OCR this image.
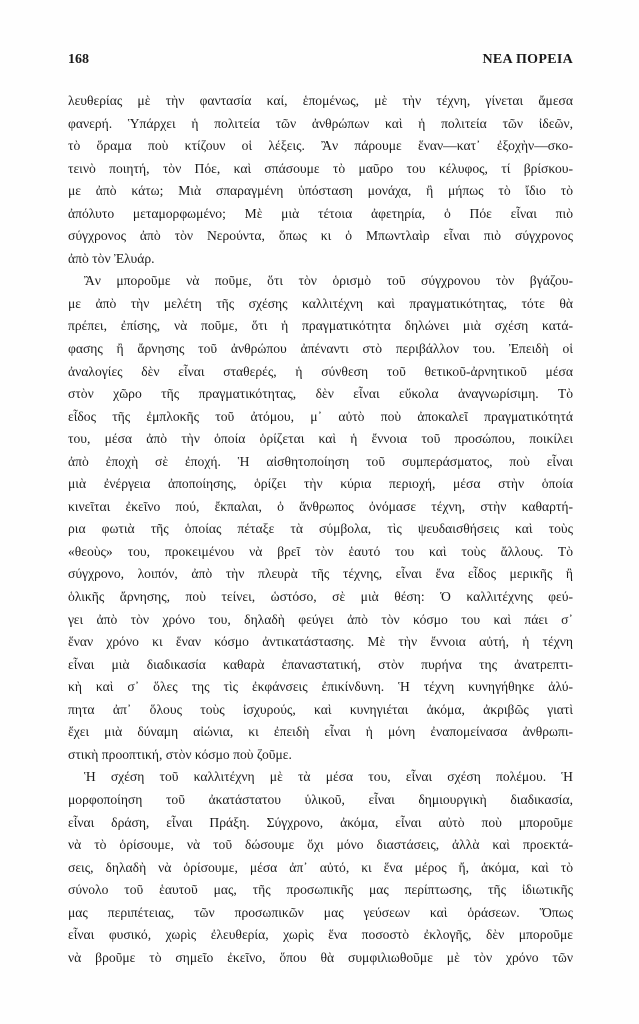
168	ΝΕΑ ΠΟΡΕΙΑ
λευθερίας μὲ τὴν φαντασία καί, ἑπομένως, μὲ τὴν τέχνη, γίνεται ἄμεσα
φανερή. Ὑπάρχει ἡ πολιτεία τῶν ἀνθρώπων καὶ ἡ πολιτεία τῶν ἰδεῶν,
τὸ ὅραμα ποὺ κτίζουν οἱ λέξεις. Ἂν πάρουμε ἕναν—κατ᾽ ἐξοχὴν—σκο-
τεινὸ ποιητή, τὸν Πόε, καὶ σπάσουμε τὸ μαῦρο του κέλυφος, τί βρίσκου-
με ἀπὸ κάτω; Μιὰ σπαραγμένη ὑπόσταση μονάχα, ἢ μήπως τὸ ἴδιο τὸ
ἀπόλυτο μεταμορφωμένο; Μὲ μιὰ τέτοια ἀφετηρία, ὁ Πόε εἶναι πιὸ
σύγχρονος ἀπὸ τὸν Νερούντα, ὅπως κι ὁ Μπωντλαὶρ εἶναι πιὸ σύγχρονος
ἀπὸ τὸν Ἐλυάρ.
Ἂν μποροῦμε νὰ ποῦμε, ὅτι τὸν ὁρισμὸ τοῦ σύγχρονου τὸν βγάζου-
με ἀπὸ τὴν μελέτη τῆς σχέσης καλλιτέχνη καὶ πραγματικότητας, τότε θὰ
πρέπει, ἐπίσης, νὰ ποῦμε, ὅτι ἡ πραγματικότητα δηλώνει μιὰ σχέση κατά-
φασης ἢ ἄρνησης τοῦ ἀνθρώπου ἀπέναντι στὸ περιβάλλον του. Ἐπειδὴ οἱ
ἀναλογίες δὲν εἶναι σταθερές, ἡ σύνθεση τοῦ θετικοῦ-ἀρνητικοῦ μέσα
στὸν χῶρο τῆς πραγματικότητας, δὲν εἶναι εὔκολα ἀναγνωρίσιμη. Τὸ
εἶδος τῆς ἐμπλοκῆς τοῦ ἀτόμου, μ᾽ αὐτὸ ποὺ ἀποκαλεῖ πραγματικότητά
του, μέσα ἀπὸ τὴν ὁποία ὁρίζεται καὶ ἡ ἔννοια τοῦ προσώπου, ποικίλει
ἀπὸ ἐποχὴ σὲ ἐποχή. Ἡ αἰσθητοποίηση τοῦ συμπεράσματος, ποὺ εἶναι
μιὰ ἐνέργεια ἀποποίησης, ὁρίζει τὴν κύρια περιοχή, μέσα στὴν ὁποία
κινεῖται ἐκεῖνο πού, ἔκπαλαι, ὁ ἄνθρωπος ὀνόμασε τέχνη, στὴν καθαρτή-
ρια φωτιὰ τῆς ὁποίας πέταξε τὰ σύμβολα, τὶς ψευδαισθήσεις καὶ τοὺς
«θεοὺς» του, προκειμένου νὰ βρεῖ τὸν ἑαυτό του καὶ τοὺς ἄλλους. Τὸ
σύγχρονο, λοιπόν, ἀπὸ τὴν πλευρὰ τῆς τέχνης, εἶναι ἕνα εἶδος μερικῆς ἢ
ὁλικῆς ἄρνησης, ποὺ τείνει, ὡστόσο, σὲ μιὰ θέση: Ὁ καλλιτέχνης φεύ-
γει ἀπὸ τὸν χρόνο του, δηλαδὴ φεύγει ἀπὸ τὸν κόσμο του καὶ πάει σ᾽
ἕναν χρόνο κι ἕναν κόσμο ἀντικατάστασης. Μὲ τὴν ἔννοια αὐτή, ἡ τέχνη
εἶναι μιὰ διαδικασία καθαρὰ ἐπαναστατική, στὸν πυρήνα της ἀνατρεπτι-
κὴ καὶ σ᾽ ὅλες της τὶς ἐκφάνσεις ἐπικίνδυνη. Ἡ τέχνη κυνηγήθηκε ἀλύ-
πητα ἀπ᾽ ὅλους τοὺς ἰσχυρούς, καὶ κυνηγιέται ἀκόμα, ἀκριβῶς γιατὶ
ἔχει μιὰ δύναμη αἰώνια, κι ἐπειδὴ εἶναι ἡ μόνη ἐναπομείνασα ἀνθρωπι-
στικὴ προοπτική, στὸν κόσμο ποὺ ζοῦμε.
Ἡ σχέση τοῦ καλλιτέχνη μὲ τὰ μέσα του, εἶναι σχέση πολέμου. Ἡ
μορφοποίηση τοῦ ἀκατάστατου ὑλικοῦ, εἶναι δημιουργικὴ διαδικασία,
εἶναι δράση, εἶναι Πράξη. Σύγχρονο, ἀκόμα, εἶναι αὐτὸ ποὺ μποροῦμε
νὰ τὸ ὁρίσουμε, νὰ τοῦ δώσουμε ὄχι μόνο διαστάσεις, ἀλλὰ καὶ προεκτά-
σεις, δηλαδὴ νὰ ὁρίσουμε, μέσα ἀπ᾽ αὐτό, κι ἕνα μέρος ἤ, ἀκόμα, καὶ τὸ
σύνολο τοῦ ἑαυτοῦ μας, τῆς προσωπικῆς μας περίπτωσης, τῆς ἰδιωτικῆς
μας περιπέτειας, τῶν προσωπικῶν μας γεύσεων καὶ ὁράσεων. Ὅπως
εἶναι φυσικό, χωρὶς ἐλευθερία, χωρὶς ἕνα ποσοστὸ ἐκλογῆς, δὲν μποροῦμε
νὰ βροῦμε τὸ σημεῖο ἐκεῖνο, ὅπου θὰ συμφιλιωθοῦμε μὲ τὸν χρόνο τῶν
